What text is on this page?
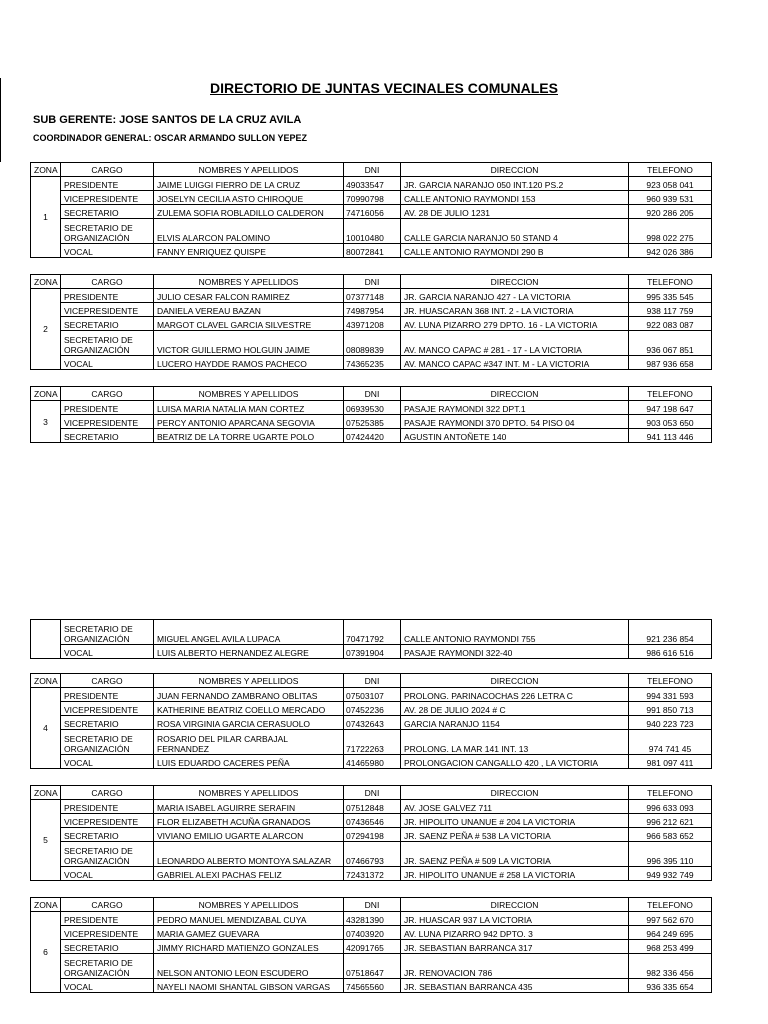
DIRECTORIO DE JUNTAS VECINALES COMUNALES
SUB GERENTE: JOSE SANTOS DE LA CRUZ AVILA
COORDINADOR GENERAL: OSCAR ARMANDO SULLON YEPEZ
ZONA	CARGO	NOMBRES Y APELLIDOS	DNI	DIRECCION	TELEFONO
1	PRESIDENTE	JAIME LUIGGI FIERRO DE LA CRUZ	49033547	JR. GARCIA NARANJO 050 INT.120 PS.2	923 058 041
	VICEPRESIDENTE	JOSELYN CECILIA ASTO CHIROQUE	70990798	CALLE ANTONIO RAYMONDI 153	960 939 531
	SECRETARIO	ZULEMA SOFIA ROBLADILLO CALDERON	74716056	AV. 28 DE JULIO 1231	920 286 205
	SECRETARIO DE ORGANIZACIÓN	ELVIS ALARCON PALOMINO	10010480	CALLE GARCIA NARANJO 50 STAND 4	998 022 275
	VOCAL	FANNY ENRIQUEZ QUISPE	80072841	CALLE ANTONIO RAYMONDI 290 B	942 026 386
ZONA	CARGO	NOMBRES Y APELLIDOS	DNI	DIRECCION	TELEFONO
2	PRESIDENTE	JULIO CESAR FALCON RAMIREZ	07377148	JR. GARCIA NARANJO 427 - LA VICTORIA	995 335 545
	VICEPRESIDENTE	DANIELA VEREAU BAZAN	74987954	JR. HUASCARAN 368 INT. 2 - LA VICTORIA	938 117 759
	SECRETARIO	MARGOT CLAVEL GARCIA SILVESTRE	43971208	AV. LUNA PIZARRO 279 DPTO. 16 - LA VICTORIA	922 083 087
	SECRETARIO DE ORGANIZACIÓN	VICTOR GUILLERMO HOLGUIN JAIME	08089839	AV. MANCO CAPAC # 281 - 17 - LA VICTORIA	936 067 851
	VOCAL	LUCERO HAYDDE RAMOS PACHECO	74365235	AV. MANCO CAPAC #347 INT. M - LA VICTORIA	987 936 658
ZONA	CARGO	NOMBRES Y APELLIDOS	DNI	DIRECCION	TELEFONO
3	PRESIDENTE	LUISA MARIA NATALIA MAN CORTEZ	06939530	PASAJE RAYMONDI 322 DPT.1	947 198 647
	VICEPRESIDENTE	PERCY ANTONIO APARCANA SEGOVIA	07525385	PASAJE RAYMONDI 370 DPTO. 54 PISO 04	903 053 650
	SECRETARIO	BEATRIZ DE LA TORRE UGARTE POLO	07424420	AGUSTIN ANTOÑETE 140	941 113 446
	SECRETARIO DE ORGANIZACIÓN	MIGUEL ANGEL AVILA LUPACA	70471792	CALLE ANTONIO RAYMONDI 755	921 236 854
	VOCAL	LUIS ALBERTO HERNANDEZ ALEGRE	07391904	PASAJE RAYMONDI 322-40	986 616 516
ZONA	CARGO	NOMBRES Y APELLIDOS	DNI	DIRECCION	TELEFONO
4	PRESIDENTE	JUAN FERNANDO ZAMBRANO OBLITAS	07503107	PROLONG. PARINACOCHAS 226 LETRA C	994 331 593
	VICEPRESIDENTE	KATHERINE BEATRIZ COELLO MERCADO	07452236	AV. 28 DE JULIO 2024 # C	991 850 713
	SECRETARIO	ROSA VIRGINIA GARCIA CERASUOLO	07432643	GARCIA NARANJO 1154	940 223 723
	SECRETARIO DE ORGANIZACIÓN	ROSARIO DEL PILAR CARBAJAL FERNANDEZ	71722263	PROLONG. LA MAR 141 INT. 13	974 741 45
	VOCAL	LUIS EDUARDO CACERES PEÑA	41465980	PROLONGACION CANGALLO 420 , LA VICTORIA	981 097 411
ZONA	CARGO	NOMBRES Y APELLIDOS	DNI	DIRECCION	TELEFONO
5	PRESIDENTE	MARIA ISABEL AGUIRRE SERAFIN	07512848	AV. JOSE GALVEZ 711	996 633 093
	VICEPRESIDENTE	FLOR ELIZABETH ACUÑA GRANADOS	07436546	JR. HIPOLITO UNANUE # 204 LA VICTORIA	996 212 621
	SECRETARIO	VIVIANO EMILIO UGARTE ALARCON	07294198	JR. SAENZ PEÑA # 538 LA VICTORIA	966 583 652
	SECRETARIO DE ORGANIZACIÓN	LEONARDO ALBERTO MONTOYA SALAZAR	07466793	JR. SAENZ PEÑA # 509 LA VICTORIA	996 395 110
	VOCAL	GABRIEL ALEXI PACHAS FELIZ	72431372	JR. HIPOLITO UNANUE # 258 LA VICTORIA	949 932 749
ZONA	CARGO	NOMBRES Y APELLIDOS	DNI	DIRECCION	TELEFONO
6	PRESIDENTE	PEDRO MANUEL MENDIZABAL CUYA	43281390	JR. HUASCAR 937 LA VICTORIA	997 562 670
	VICEPRESIDENTE	MARIA GAMEZ GUEVARA	07403920	AV. LUNA PIZARRO 942 DPTO. 3	964 249 695
	SECRETARIO	JIMMY RICHARD MATIENZO GONZALES	42091765	JR. SEBASTIAN BARRANCA 317	968 253 499
	SECRETARIO DE ORGANIZACIÓN	NELSON ANTONIO LEON ESCUDERO	07518647	JR. RENOVACION 786	982 336 456
	VOCAL	NAYELI NAOMI SHANTAL GIBSON VARGAS	74565560	JR. SEBASTIAN BARRANCA 435	936 335 654
